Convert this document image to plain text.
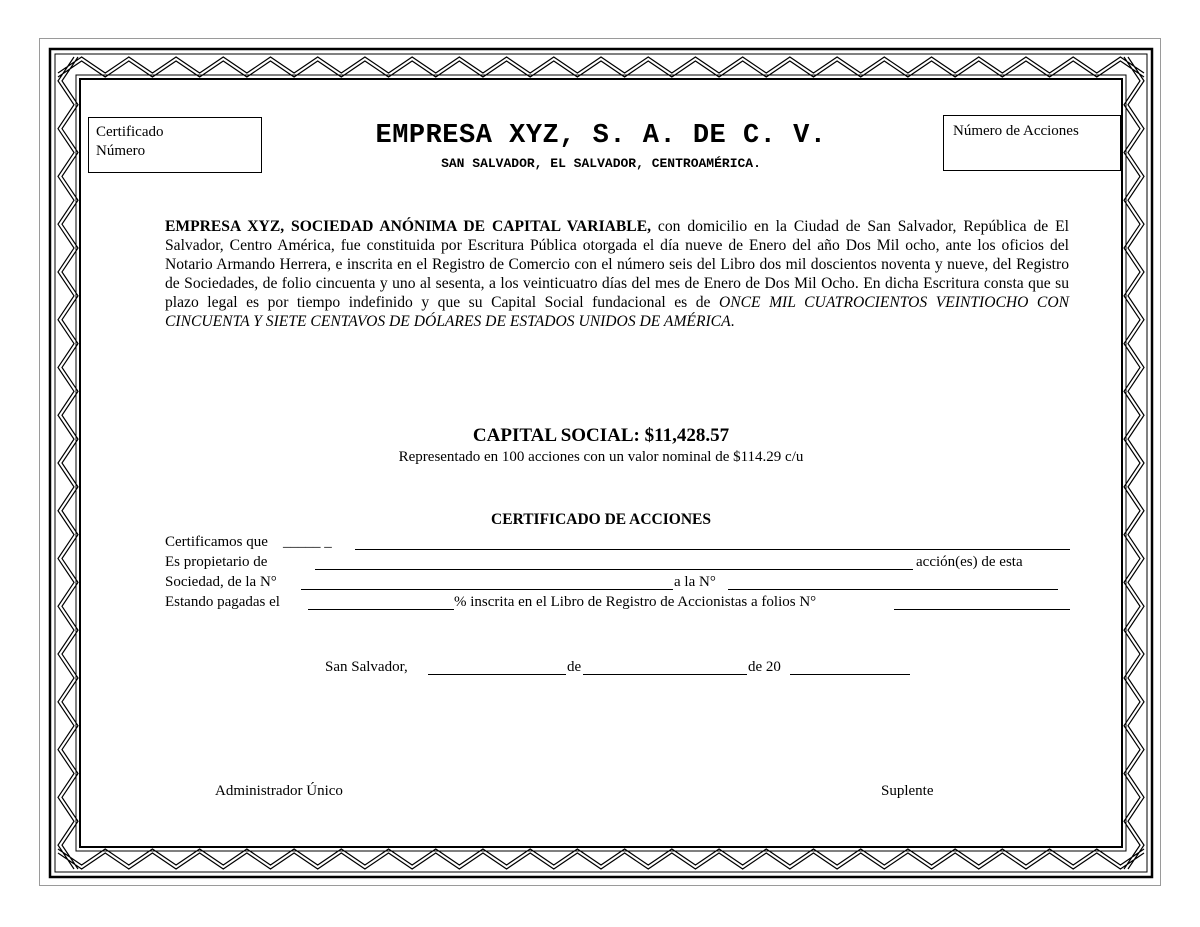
Certificado
Número	EMPRESA XYZ, S. A. DE C. V.
SAN SALVADOR, EL SALVADOR, CENTROAMÉRICA.
Número de Acciones
EMPRESA XYZ, SOCIEDAD ANÓNIMA DE CAPITAL VARIABLE, con domicilio en la Ciudad de San Salvador, República de El Salvador, Centro América, fue constituida por Escritura Pública otorgada el día nueve de Enero del año Dos Mil ocho, ante los oficios del Notario Armando Herrera, e inscrita en el Registro de Comercio con el número seis del Libro dos mil doscientos noventa y nueve, del Registro de Sociedades, de folio cincuenta y uno al sesenta, a los veinticuatro días del mes de Enero de Dos Mil Ocho. En dicha Escritura consta que su plazo legal es por tiempo indefinido y que su Capital Social fundacional es de ONCE MIL CUATROCIENTOS VEINTIOCHO CON CINCUENTA Y SIETE CENTAVOS DE DÓLARES DE ESTADOS UNIDOS DE AMÉRICA.
CAPITAL SOCIAL: $11,428.57
Representado en 100 acciones con un valor nominal de $114.29 c/u
CERTIFICADO DE ACCIONES
Certificamos que _____ _
Es propietario de	acción(es) de esta
Sociedad, de la N°	a la N°
Estando pagadas el	% inscrita en el Libro de Registro de Accionistas a folios N°
San Salvador,	de	de 20
Administrador Único	Suplente
